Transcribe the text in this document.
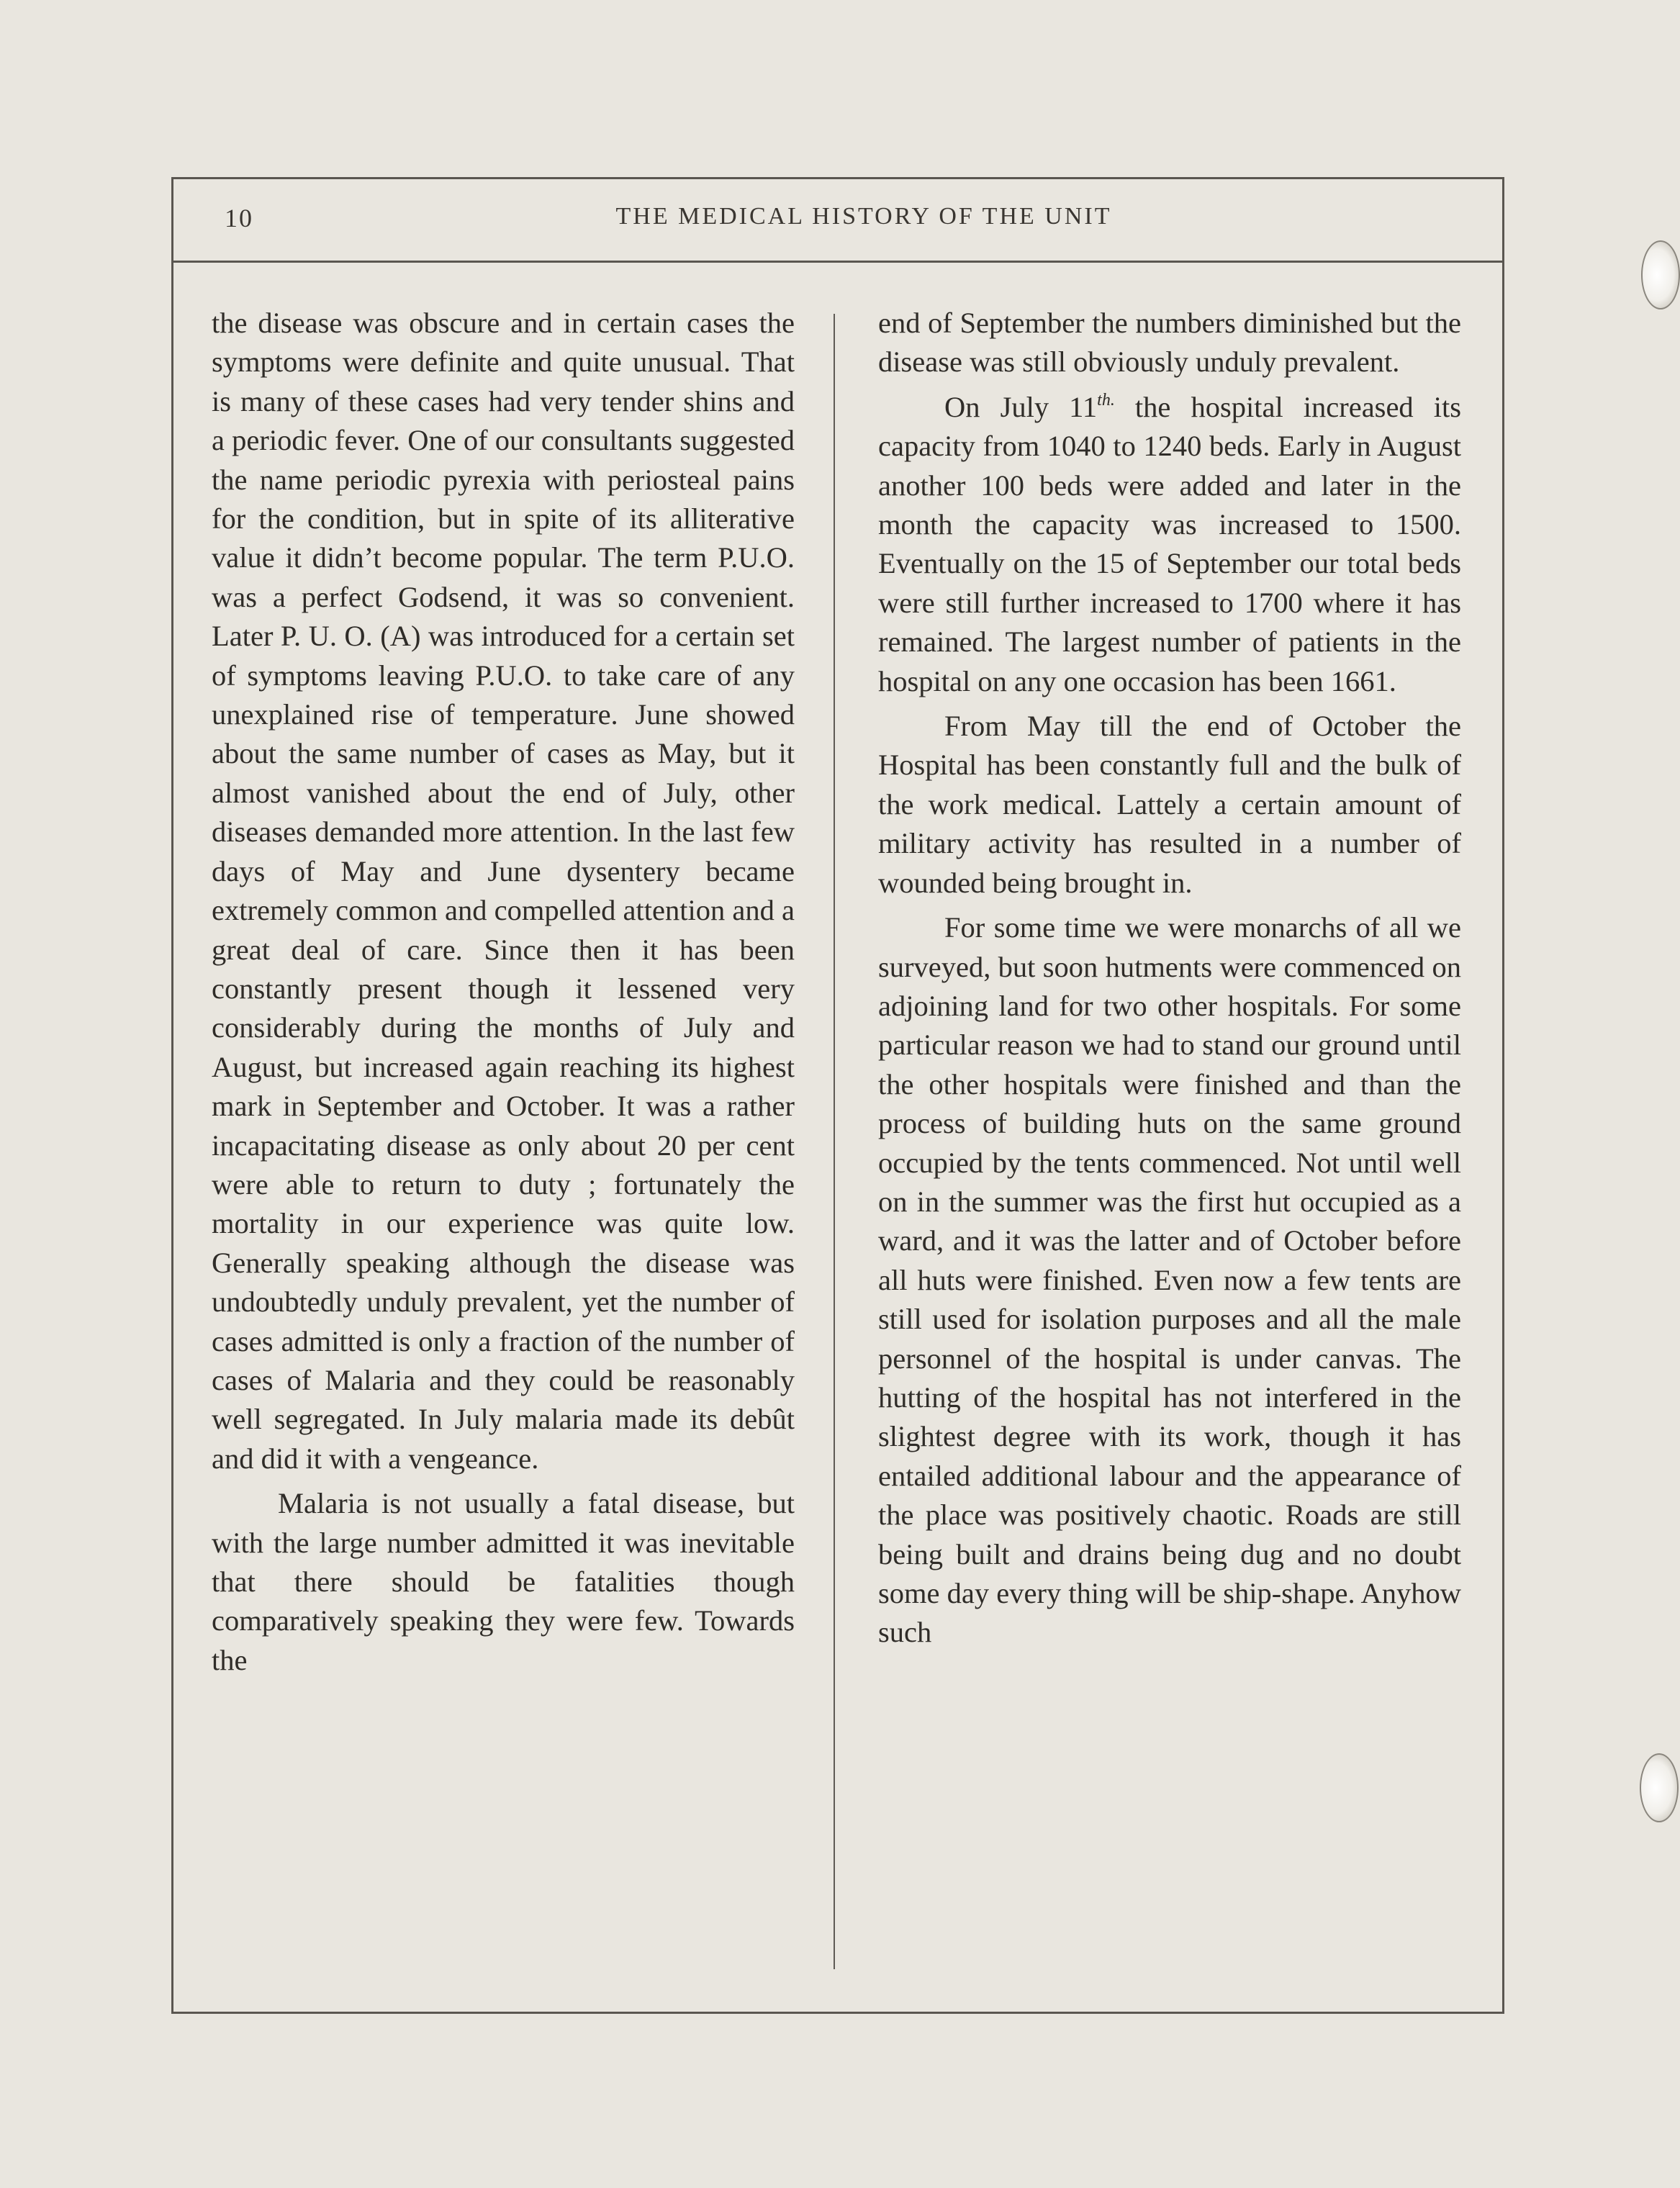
10	THE MEDICAL HISTORY OF THE UNIT

the disease was obscure and in certain cases the symptoms were definite and quite unusual. That is many of these cases had very tender shins and a periodic fever. One of our consultants suggested the name periodic pyrexia with periosteal pains for the condition, but in spite of its alliterative value it didn’t become popular. The term P.U.O. was a perfect Godsend, it was so convenient. Later P. U. O. (A) was introduced for a certain set of symptoms leaving P.U.O. to take care of any unexplained rise of temperature. June showed about the same number of cases as May, but it almost vanished about the end of July, other diseases demanded more attention. In the last few days of May and June dysentery became extremely common and compelled attention and a great deal of care. Since then it has been constantly present though it lessened very considerably during the months of July and August, but increased again reaching its highest mark in September and October. It was a rather incapacitating disease as only about 20 per cent were able to return to duty ; fortunately the mortality in our experience was quite low. Generally speaking although the disease was undoubtedly unduly prevalent, yet the number of cases admitted is only a fraction of the number of cases of Malaria and they could be reasonably well segregated. In July malaria made its debût and did it with a vengeance.

Malaria is not usually a fatal disease, but with the large number admitted it was inevitable that there should be fatalities though comparatively speaking they were few. Towards the

end of September the numbers diminished but the disease was still obviously unduly prevalent.

On July $11^{th.}$ the hospital increased its capacity from 1040 to 1240 beds. Early in August another 100 beds were added and later in the month the capacity was increased to 1500. Eventually on the 15 of September our total beds were still further increased to 1700 where it has remained. The largest number of patients in the hospital on any one occasion has been 1661.

From May till the end of October the Hospital has been constantly full and the bulk of the work medical. Lattely a certain amount of military activity has resulted in a number of wounded being brought in.

For some time we were monarchs of all we surveyed, but soon hutments were commenced on adjoining land for two other hospitals. For some particular reason we had to stand our ground until the other hospitals were finished and than the process of building huts on the same ground occupied by the tents commenced. Not until well on in the summer was the first hut occupied as a ward, and it was the latter and of October before all huts were finished. Even now a few tents are still used for isolation purposes and all the male personnel of the hospital is under canvas. The hutting of the hospital has not interfered in the slightest degree with its work, though it has entailed additional labour and the appearance of the place was positively chaotic. Roads are still being built and drains being dug and no doubt some day every thing will be ship-shape. Anyhow such
